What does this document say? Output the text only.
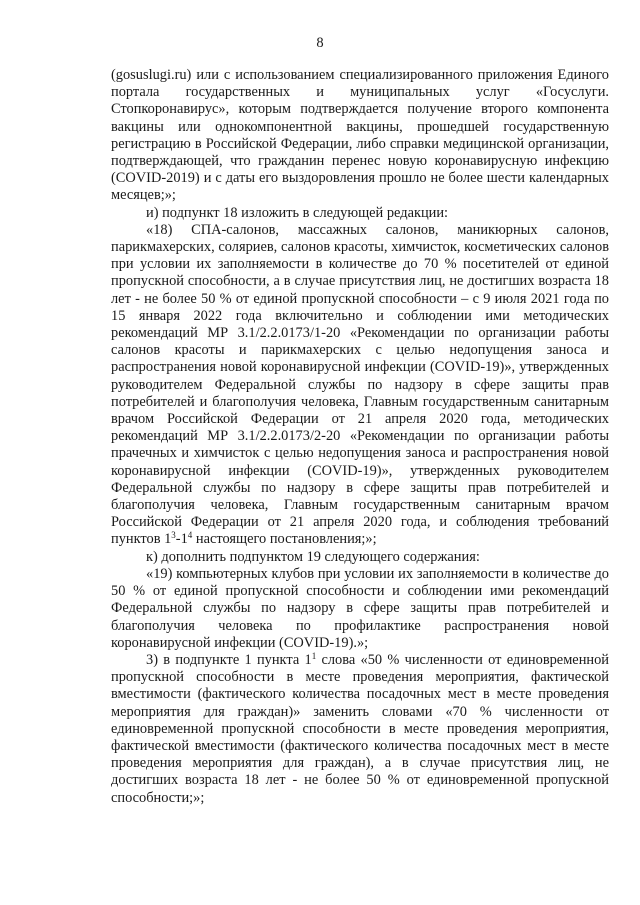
8

(gosuslugi.ru) или с использованием специализированного приложения Единого портала государственных и муниципальных услуг «Госуслуги. Стопкоронавирус», которым подтверждается получение второго компонента вакцины или однокомпонентной вакцины, прошедшей государственную регистрацию в Российской Федерации, либо справки медицинской организации, подтверждающей, что гражданин перенес новую коронавирусную инфекцию (COVID-2019) и с даты его выздоровления прошло не более шести календарных месяцев;»;

и) подпункт 18 изложить в следующей редакции:

«18) СПА-салонов, массажных салонов, маникюрных салонов, парикмахерских, соляриев, салонов красоты, химчисток, косметических салонов при условии их заполняемости в количестве до 70 % посетителей от единой пропускной способности, а в случае присутствия лиц, не достигших возраста 18 лет - не более 50 % от единой пропускной способности – с 9 июля 2021 года по 15 января 2022 года включительно и соблюдении ими методических рекомендаций МР 3.1/2.2.0173/1-20 «Рекомендации по организации работы салонов красоты и парикмахерских с целью недопущения заноса и распространения новой коронавирусной инфекции (COVID-19)», утвержденных руководителем Федеральной службы по надзору в сфере защиты прав потребителей и благополучия человека, Главным государственным санитарным врачом Российской Федерации от 21 апреля 2020 года, методических рекомендаций МР 3.1/2.2.0173/2-20 «Рекомендации по организации работы прачечных и химчисток с целью недопущения заноса и распространения новой коронавирусной инфекции (COVID-19)», утвержденных руководителем Федеральной службы по надзору в сфере защиты прав потребителей и благополучия человека, Главным государственным санитарным врачом Российской Федерации от 21 апреля 2020 года, и соблюдения требований пунктов $1^3-1^4$ настоящего постановления;»;

к) дополнить подпунктом 19 следующего содержания:

«19) компьютерных клубов при условии их заполняемости в количестве до 50 % от единой пропускной способности и соблюдении ими рекомендаций Федеральной службы по надзору в сфере защиты прав потребителей и благополучия человека по профилактике распространения новой коронавирусной инфекции (COVID-19).»;

3) в подпункте 1 пункта $1^1$ слова «50 % численности от единовременной пропускной способности в месте проведения мероприятия, фактической вместимости (фактического количества посадочных мест в месте проведения мероприятия для граждан)» заменить словами «70 % численности от единовременной пропускной способности в месте проведения мероприятия, фактической вместимости (фактического количества посадочных мест в месте проведения мероприятия для граждан), а в случае присутствия лиц, не достигших возраста 18 лет - не более 50 % от единовременной пропускной способности;»;
